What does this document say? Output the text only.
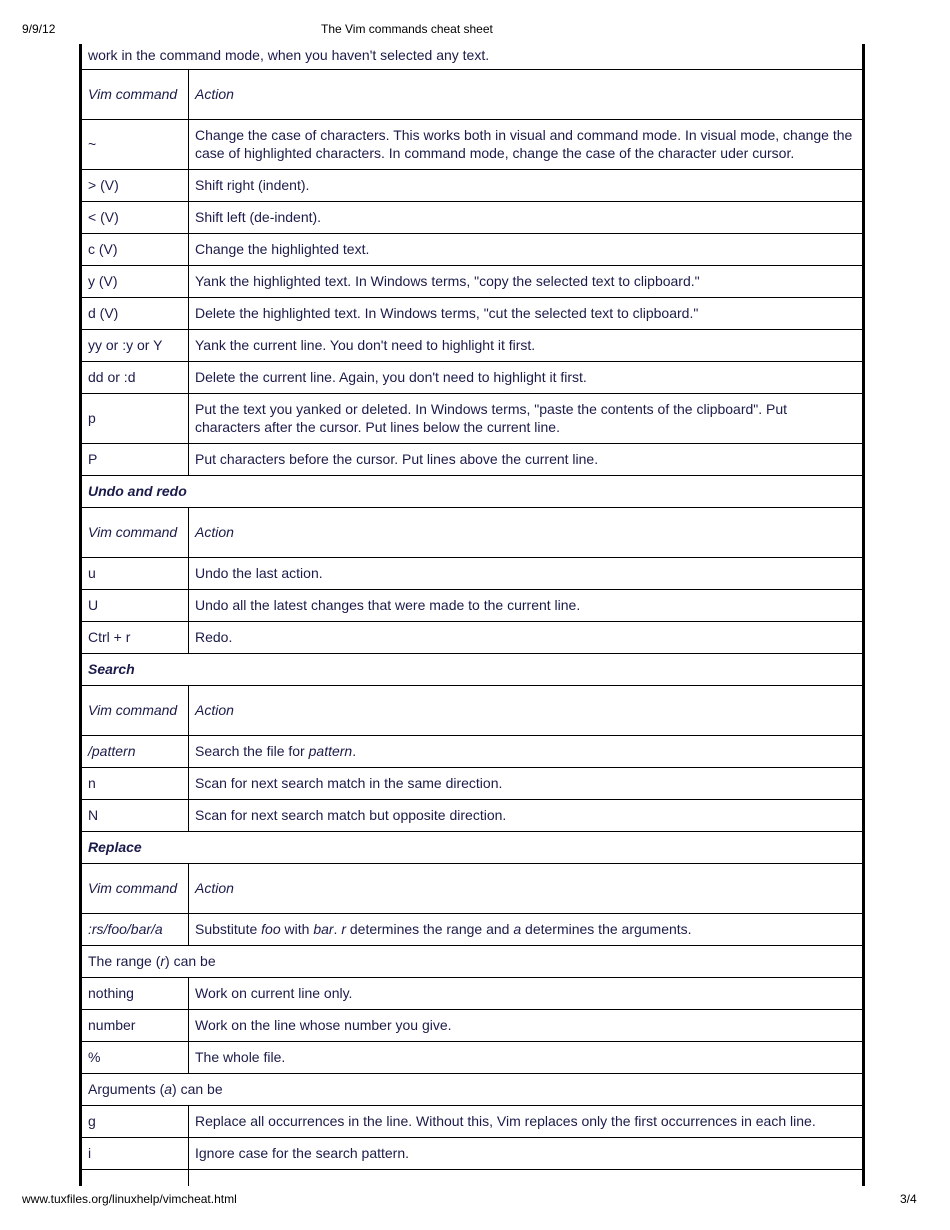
9/9/12	The Vim commands cheat sheet
work in the command mode, when you haven't selected any text.	
Vim command	Action
~	Change the case of characters. This works both in visual and command mode. In visual mode, change the case of highlighted characters. In command mode, change the case of the character uder cursor.
> (V)	Shift right (indent).
< (V)	Shift left (de-indent).
c (V)	Change the highlighted text.
y (V)	Yank the highlighted text. In Windows terms, "copy the selected text to clipboard."
d (V)	Delete the highlighted text. In Windows terms, "cut the selected text to clipboard."
yy or :y or Y	Yank the current line. You don't need to highlight it first.
dd or :d	Delete the current line. Again, you don't need to highlight it first.
p	Put the text you yanked or deleted. In Windows terms, "paste the contents of the clipboard". Put characters after the cursor. Put lines below the current line.
P	Put characters before the cursor. Put lines above the current line.
Undo and redo	
Vim command	Action
u	Undo the last action.
U	Undo all the latest changes that were made to the current line.
Ctrl + r	Redo.
Search	
Vim command	Action
/pattern	Search the file for pattern.
n	Scan for next search match in the same direction.
N	Scan for next search match but opposite direction.
Replace	
Vim command	Action
:rs/foo/bar/a	Substitute foo with bar. r determines the range and a determines the arguments.
The range (r) can be	
nothing	Work on current line only.
number	Work on the line whose number you give.
%	The whole file.
Arguments (a) can be	
g	Replace all occurrences in the line. Without this, Vim replaces only the first occurrences in each line.
i	Ignore case for the search pattern.

www.tuxfiles.org/linuxhelp/vimcheat.html	3/4
